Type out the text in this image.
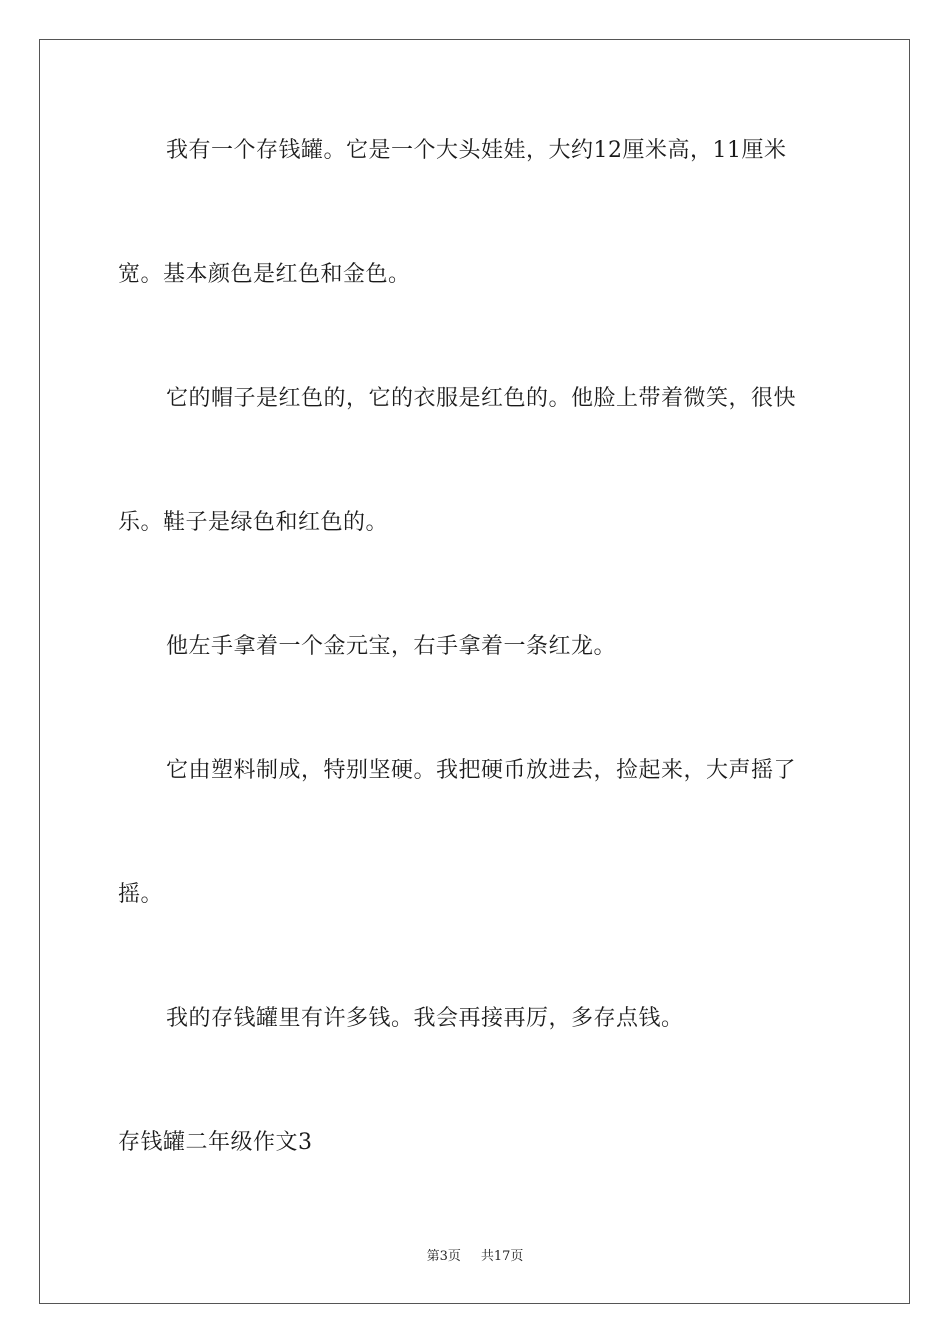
我有一个存钱罐。它是一个大头娃娃，大约12厘米高，11厘米
宽。基本颜色是红色和金色。
它的帽子是红色的，它的衣服是红色的。他脸上带着微笑，很快
乐。鞋子是绿色和红色的。
他左手拿着一个金元宝，右手拿着一条红龙。
它由塑料制成，特别坚硬。我把硬币放进去，捡起来，大声摇了
摇。
我的存钱罐里有许多钱。我会再接再厉，多存点钱。
存钱罐二年级作文3
第3页 共17页
